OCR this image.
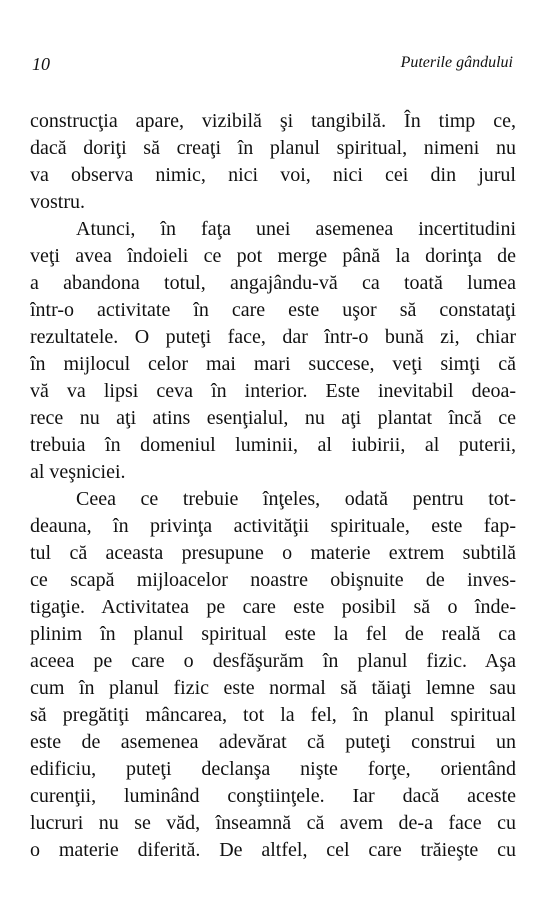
10	Puterile gândului
construcţia apare, vizibilă şi tangibilă. În timp ce,
dacă doriţi să creaţi în planul spiritual, nimeni nu
va observa nimic, nici voi, nici cei din jurul
vostru.
Atunci, în faţa unei asemenea incertitudini
veţi avea îndoieli ce pot merge până la dorinţa de
a abandona totul, angajându-vă ca toată lumea
într-o activitate în care este uşor să constataţi
rezultatele. O puteţi face, dar într-o bună zi, chiar
în mijlocul celor mai mari succese, veţi simţi că
vă va lipsi ceva în interior. Este inevitabil deoa-
rece nu aţi atins esenţialul, nu aţi plantat încă ce
trebuia în domeniul luminii, al iubirii, al puterii,
al veşniciei.
Ceea ce trebuie înţeles, odată pentru tot-
deauna, în privinţa activităţii spirituale, este fap-
tul că aceasta presupune o materie extrem subtilă
ce scapă mijloacelor noastre obişnuite de inves-
tigaţie. Activitatea pe care este posibil să o înde-
plinim în planul spiritual este la fel de reală ca
aceea pe care o desfăşurăm în planul fizic. Aşa
cum în planul fizic este normal să tăiaţi lemne sau
să pregătiţi mâncarea, tot la fel, în planul spiritual
este de asemenea adevărat că puteţi construi un
edificiu, puteţi declanşa nişte forţe, orientând
curenţii, luminând conştiinţele. Iar dacă aceste
lucruri nu se văd, înseamnă că avem de-a face cu
o materie diferită. De altfel, cel care trăieşte cu
